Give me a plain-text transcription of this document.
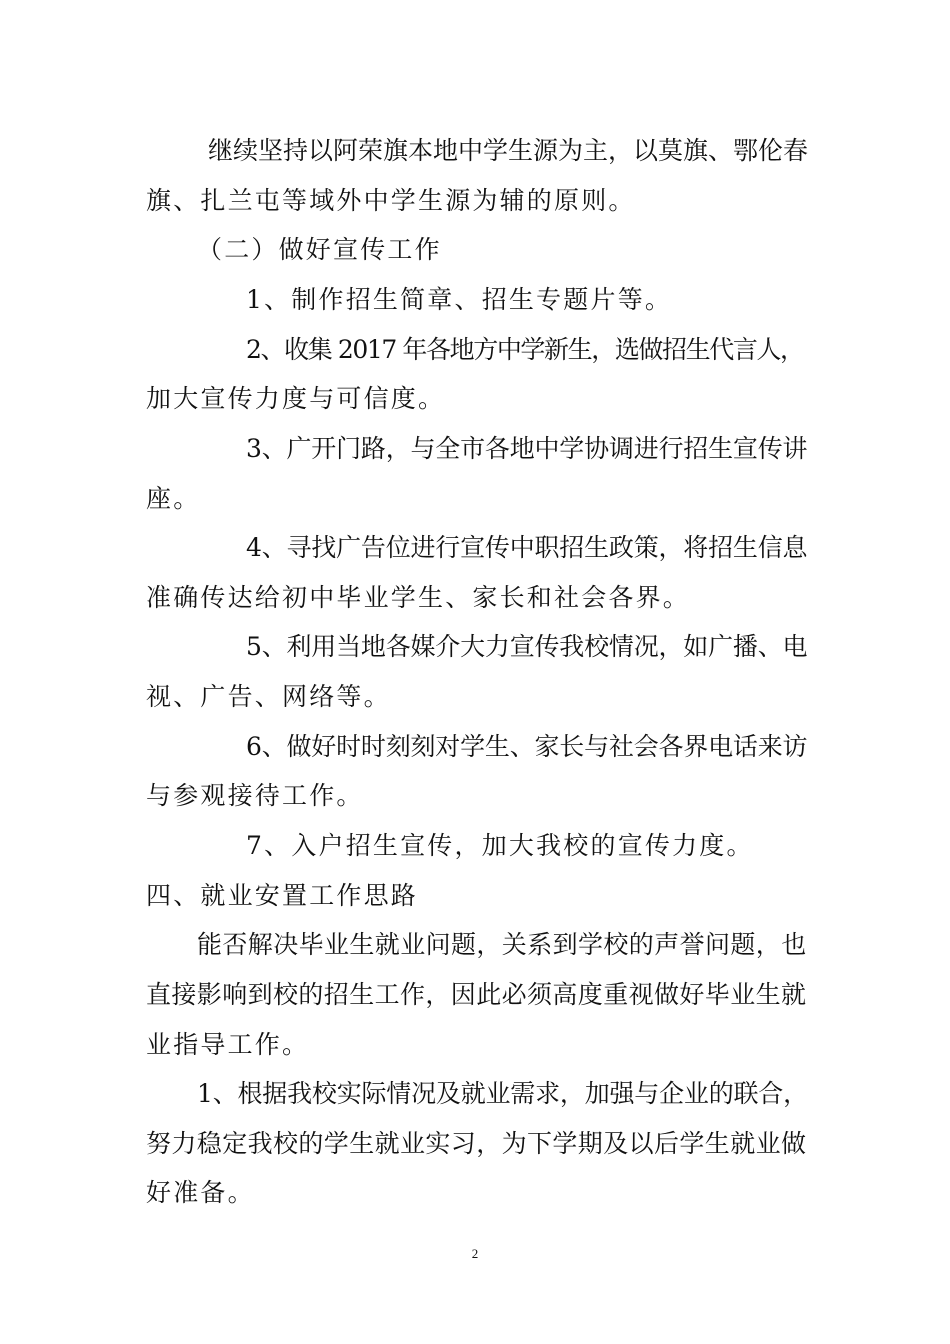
继续坚持以阿荣旗本地中学生源为主，以莫旗、鄂伦春
旗、扎兰屯等域外中学生源为辅的原则。
（二）做好宣传工作
1、制作招生简章、招生专题片等。
2、收集 2017 年各地方中学新生，选做招生代言人，
加大宣传力度与可信度。
3、广开门路，与全市各地中学协调进行招生宣传讲
座。
4、寻找广告位进行宣传中职招生政策，将招生信息
准确传达给初中毕业学生、家长和社会各界。
5、利用当地各媒介大力宣传我校情况，如广播、电
视、广告、网络等。
6、做好时时刻刻对学生、家长与社会各界电话来访
与参观接待工作。
7、入户招生宣传，加大我校的宣传力度。
四、就业安置工作思路
能否解决毕业生就业问题，关系到学校的声誉问题，也
直接影响到校的招生工作，因此必须高度重视做好毕业生就
业指导工作。
1、根据我校实际情况及就业需求，加强与企业的联合，
努力稳定我校的学生就业实习，为下学期及以后学生就业做
好准备。
2
